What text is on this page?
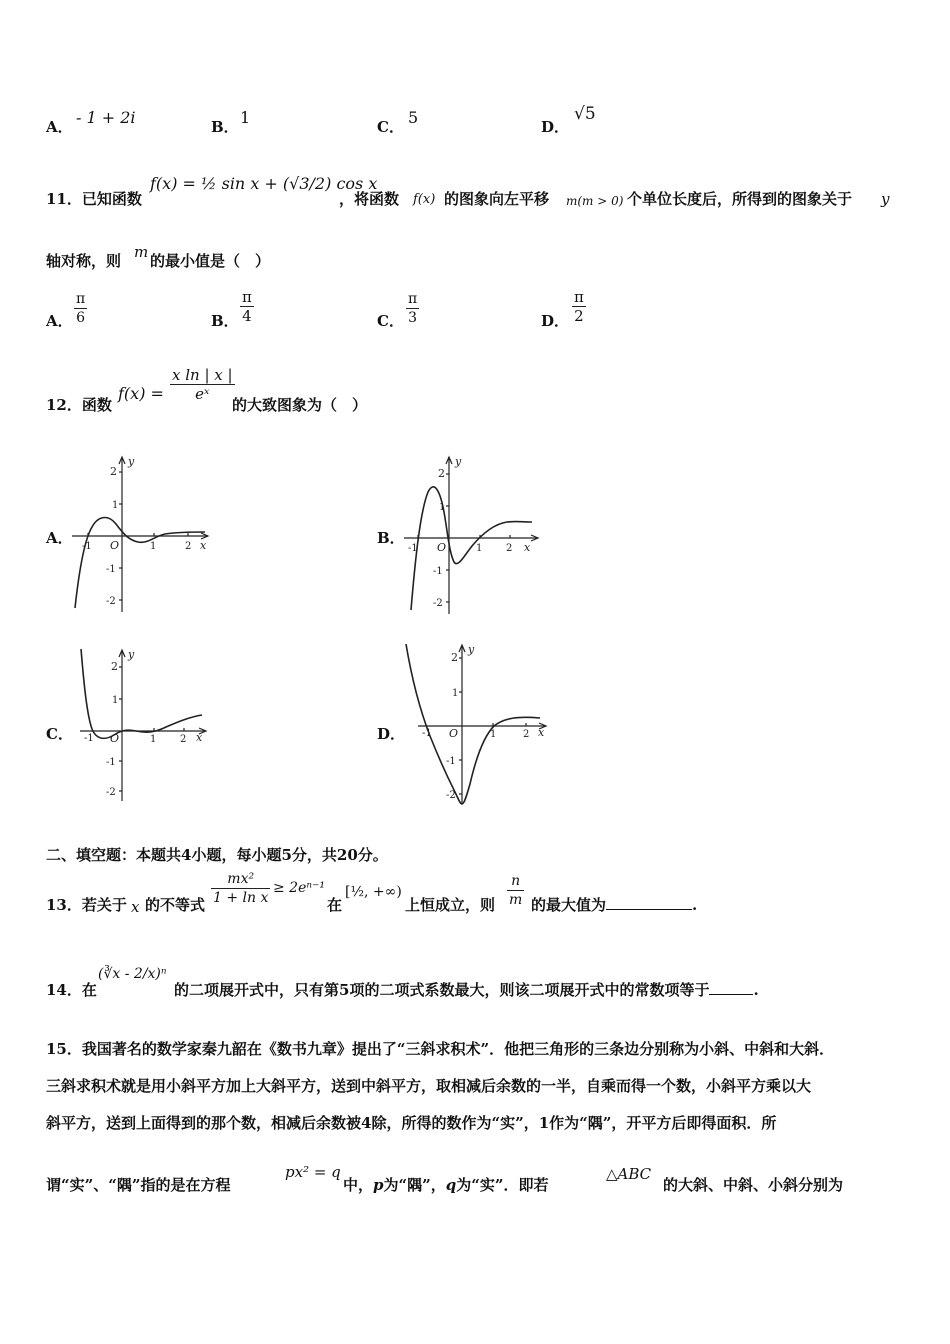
A． - 1 + 2i	B． 1	C． 5	D．
√5
11．已知函数
f(x) = ½ sin x + (√3/2) cos x
，将函数 f(x) 的图象向左平移 m(m > 0) 个单位长度后，所得到的图象关于 y
轴对称，则 m 的最小值是（　）
A． $\frac{\pi}{6}$	B． $\frac{\pi}{4}$	C． $\frac{\pi}{3}$	D． $\frac{\pi}{2}$
12．函数
$f(x) = \frac{\text{x ln | x |}}{\text{eˣ}}$
的大致图象为（　）
A．	B．
C．	D．
2
1
-1
-2
-1	2
1
O	x
y
2
1
-1
-2
-1	2
1
O	x
y
2
1
-1
-2
-1	2
1
O	x
y	2
1
-1
-2
-1	2
1
O	x
y
二、填空题：本题共4小题，每小题5分，共20分。
13．若关于 x 的不等式 $\frac{\text{mx²}}{\text{1 + ln x}} \ge 2e^{n-1}$
在
[½, +∞)
上恒成立，则 $\frac{n}{m}$ 的最大值为	.
14．在
(∛x - 2/x)ⁿ
的二项展开式中，只有第5项的二项式系数最大，则该二项展开式中的常数项等于	.
15．我国著名的数学家秦九韶在《数书九章》提出了“三斜求积术”．他把三角形的三条边分别称为小斜、中斜和大斜．
三斜求积术就是用小斜平方加上大斜平方，送到中斜平方，取相减后余数的一半，自乘而得一个数，小斜平方乘以大
斜平方，送到上面得到的那个数，相减后余数被4除，所得的数作为“实”，1作为“隅”，开平方后即得面积．所
谓“实”、“隅”指的是在方程
px² = q
中，p为“隅”，q为“实”．即若
△ABC
的大斜、中斜、小斜分别为
